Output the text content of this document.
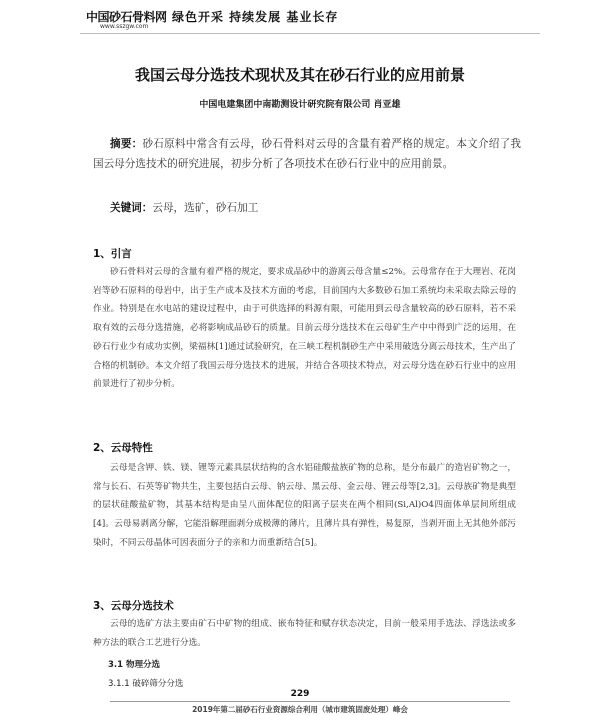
中国砂石骨料网
www.sszgw.com
绿色开采 持续发展 基业长存
我国云母分选技术现状及其在砂石行业的应用前景
中国电建集团中南勘测设计研究院有限公司 肖亚雄

摘要：砂石原料中常含有云母，砂石骨料对云母的含量有着严格的规定。本文介绍了我国云母分选技术的研究进展，初步分析了各项技术在砂石行业中的应用前景。

关键词：云母，选矿，砂石加工

1、引言

砂石骨料对云母的含量有着严格的规定，要求成品砂中的游离云母含量≤2%。云母常存在于大理岩、花岗岩等砂石原料的母岩中，出于生产成本及技术方面的考虑，目前国内大多数砂石加工系统均未采取去除云母的作业。特别是在水电站的建设过程中，由于可供选择的料源有限，可能用到云母含量较高的砂石原料，若不采取有效的云母分选措施，必将影响成品砂石的质量。目前云母分选技术在云母矿生产中中得到广泛的运用，在砂石行业少有成功实例，梁福林[1]通过试验研究，在三峡工程机制砂生产中采用破选分离云母技术，生产出了合格的机制砂。本文介绍了我国云母分选技术的进展，并结合各项技术特点，对云母分选在砂石行业中的应用前景进行了初步分析。

2、云母特性

云母是含钾、铁、镁、锂等元素具层状结构的含水铝硅酸盐族矿物的总称，是分布最广的造岩矿物之一，常与长石、石英等矿物共生，主要包括白云母、钠云母、黑云母、金云母、锂云母等[2,3]。云母族矿物是典型的层状硅酸盐矿物，其基本结构是由呈八面体配位的阳离子层夹在两个相同(Si,Al)O4四面体单层间所组成[4]。云母易剥离分解，它能沿解理面剥分成极薄的薄片，且薄片具有弹性，易复原，当剥开面上无其他外部污染时，不同云母晶体可因表面分子的亲和力而重新结合[5]。

3、云母分选技术

云母的选矿方法主要由矿石中矿物的组成、嵌布特征和赋存状态决定，目前一般采用手选法、浮选法或多种方法的联合工艺进行分选。

3.1 物理分选
3.1.1 破碎筛分分选
229
2019年第二届砂石行业资源综合利用（城市建筑固废处理）峰会
